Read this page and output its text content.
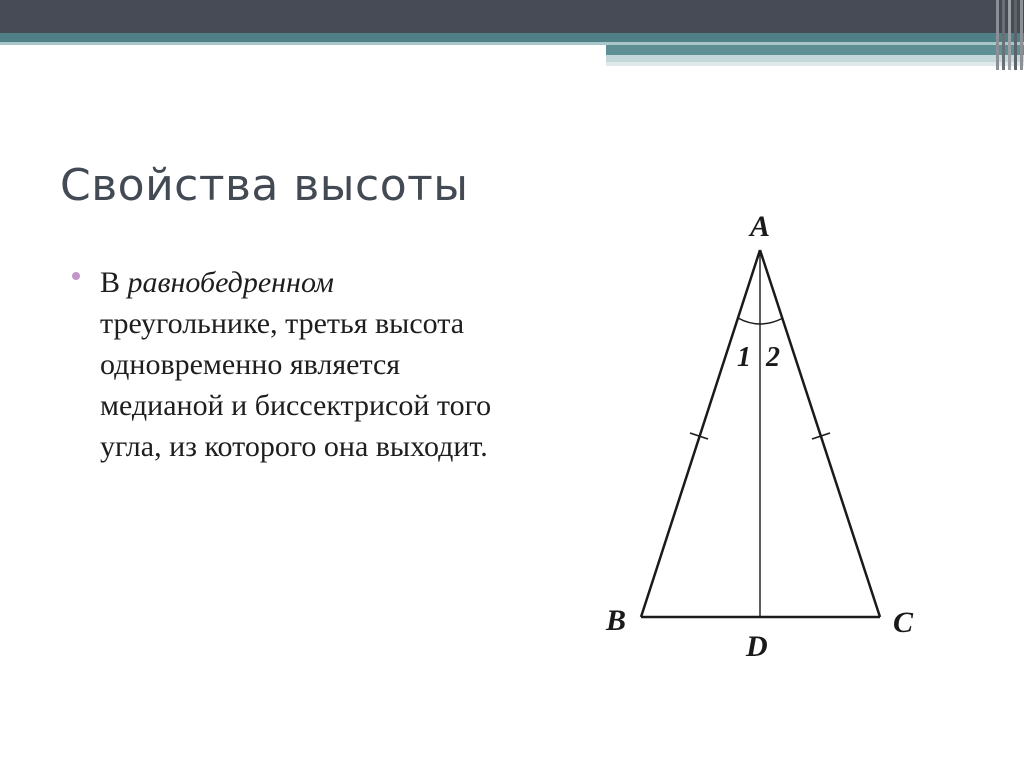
Свойства высоты
В равнобедренном треугольнике, третья высота одновременно является медианой и биссектрисой того угла, из которого она выходит.
A
B	C
D
1 2
